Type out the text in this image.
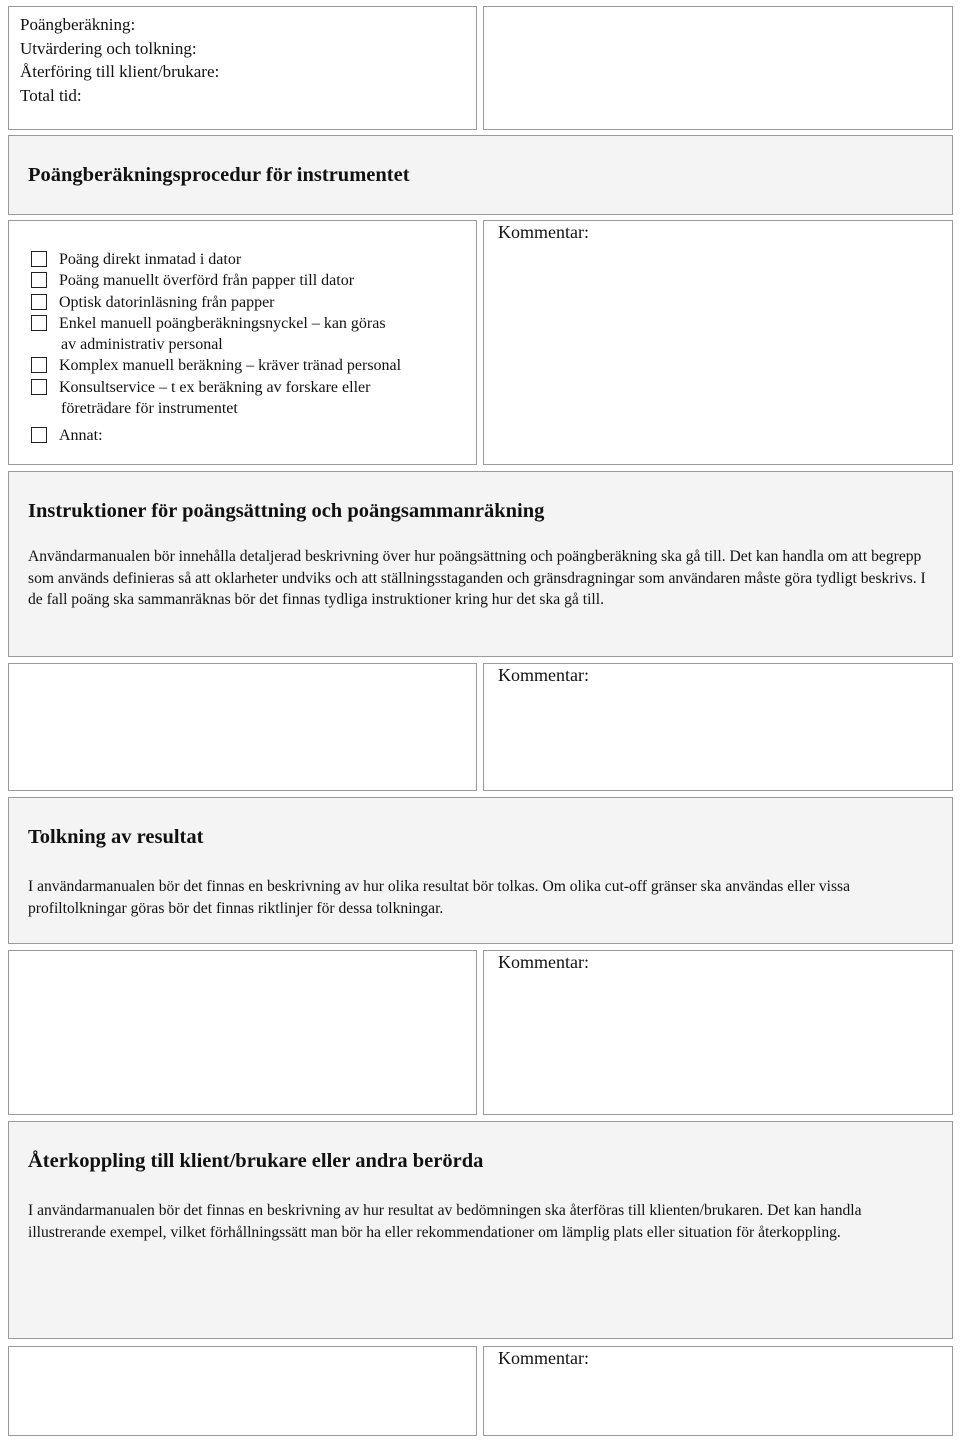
Poängberäkning:
Utvärdering och tolkning:
Återföring till klient/brukare:
Total tid:
Poängberäkningsprocedur för instrumentet
Poäng direkt inmatad i dator
Poäng manuellt överförd från papper till dator
Optisk datorinläsning från papper
Enkel manuell poängberäkningsnyckel – kan göras
av administrativ personal
Komplex manuell beräkning – kräver tränad personal
Konsultservice – t ex beräkning av forskare eller
företrädare för instrumentet
Annat:
Kommentar:
Instruktioner för poängsättning och poängsammanräkning
Användarmanualen bör innehålla detaljerad beskrivning över hur poängsättning och poängberäkning ska gå till. Det kan handla om att begrepp som används definieras så att oklarheter undviks och att ställningsstaganden och gränsdragningar som användaren måste göra tydligt beskrivs. I de fall poäng ska sammanräknas bör det finnas tydliga instruktioner kring hur det ska gå till.
Kommentar:
Tolkning av resultat
I användarmanualen bör det finnas en beskrivning av hur olika resultat bör tolkas. Om olika cut-off gränser ska användas eller vissa profiltolkningar göras bör det finnas riktlinjer för dessa tolkningar.
Kommentar:
Återkoppling till klient/brukare eller andra berörda
I användarmanualen bör det finnas en beskrivning av hur resultat av bedömningen ska återföras till klienten/brukaren. Det kan handla illustrerande exempel, vilket förhållningssätt man bör ha eller rekommendationer om lämplig plats eller situation för återkoppling.
Kommentar:
